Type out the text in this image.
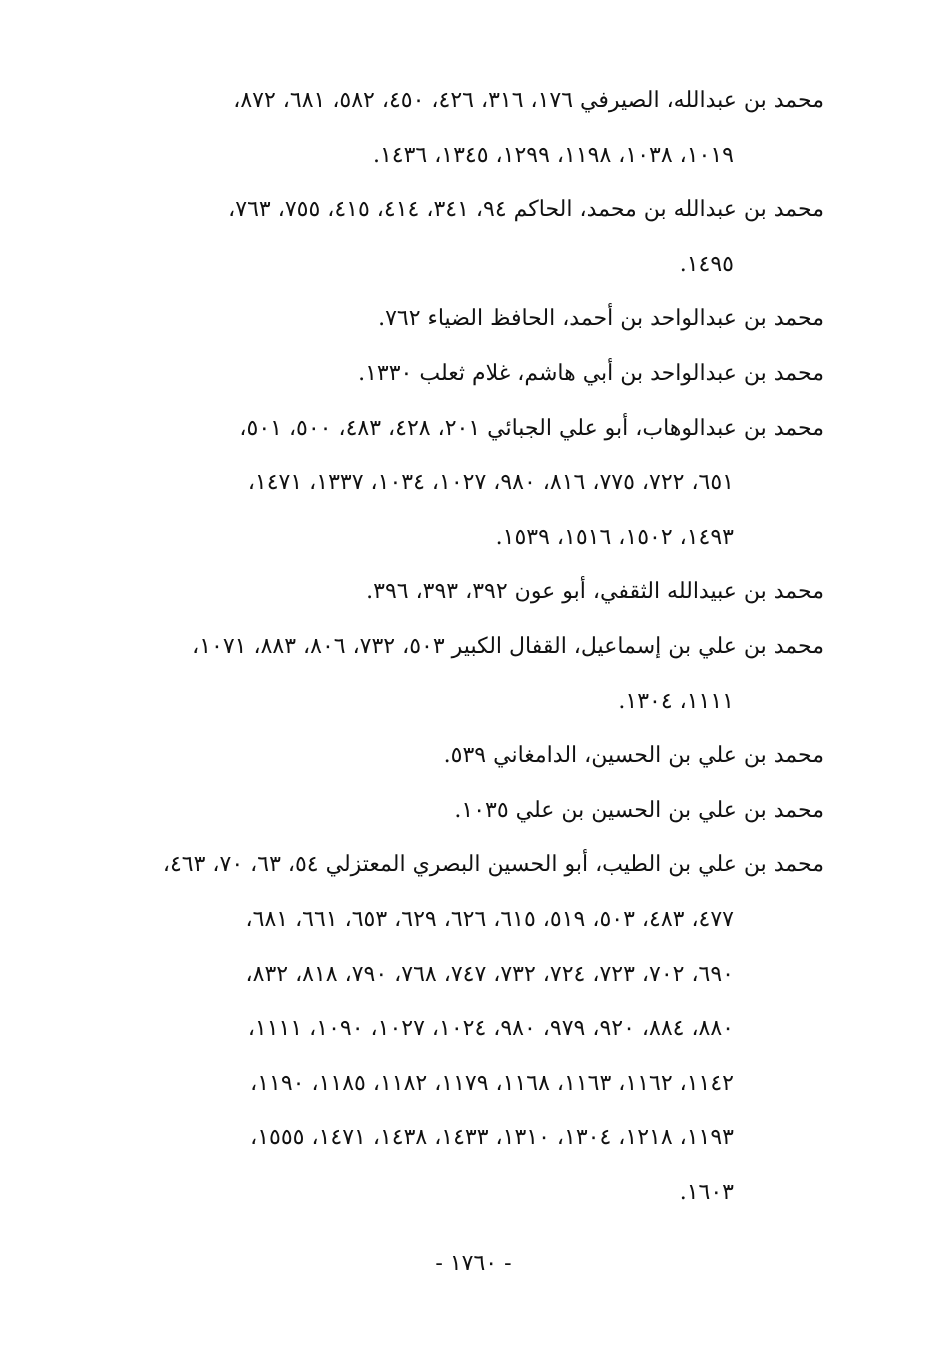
محمد بن عبدالله، الصيرفي ١٧٦، ٣١٦، ٤٢٦، ٤٥٠، ٥٨٢، ٦٨١، ٨٧٢،
١٠١٩، ١٠٣٨، ١١٩٨، ١٢٩٩، ١٣٤٥، ١٤٣٦.
محمد بن عبدالله بن محمد، الحاكم ٩٤، ٣٤١، ٤١٤، ٤١٥، ٧٥٥، ٧٦٣،
١٤٩٥.
محمد بن عبدالواحد بن أحمد، الحافظ الضياء ٧٦٢.
محمد بن عبدالواحد بن أبي هاشم، غلام ثعلب ١٣٣٠.
محمد بن عبدالوهاب، أبو علي الجبائي ٢٠١، ٤٢٨، ٤٨٣، ٥٠٠، ٥٠١،
٦٥١، ٧٢٢، ٧٧٥، ٨١٦، ٩٨٠، ١٠٢٧، ١٠٣٤، ١٣٣٧، ١٤٧١،
١٤٩٣، ١٥٠٢، ١٥١٦، ١٥٣٩.
محمد بن عبيدالله الثقفي، أبو عون ٣٩٢، ٣٩٣، ٣٩٦.
محمد بن علي بن إسماعيل، القفال الكبير ٥٠٣، ٧٣٢، ٨٠٦، ٨٨٣، ١٠٧١،
١١١١، ١٣٠٤.
محمد بن علي بن الحسين، الدامغاني ٥٣٩.
محمد بن علي بن الحسين بن علي ١٠٣٥.
محمد بن علي بن الطيب، أبو الحسين البصري المعتزلي ٥٤، ٦٣، ٧٠، ٤٦٣،
٤٧٧، ٤٨٣، ٥٠٣، ٥١٩، ٦١٥، ٦٢٦، ٦٢٩، ٦٥٣، ٦٦١، ٦٨١،
٦٩٠، ٧٠٢، ٧٢٣، ٧٢٤، ٧٣٢، ٧٤٧، ٧٦٨، ٧٩٠، ٨١٨، ٨٣٢،
٨٨٠، ٨٨٤، ٩٢٠، ٩٧٩، ٩٨٠، ١٠٢٤، ١٠٢٧، ١٠٩٠، ١١١١،
١١٤٢، ١١٦٢، ١١٦٣، ١١٦٨، ١١٧٩، ١١٨٢، ١١٨٥، ١١٩٠،
١١٩٣، ١٢١٨، ١٣٠٤، ١٣١٠، ١٤٣٣، ١٤٣٨، ١٤٧١، ١٥٥٥،
١٦٠٣.
- ١٧٦٠ -
